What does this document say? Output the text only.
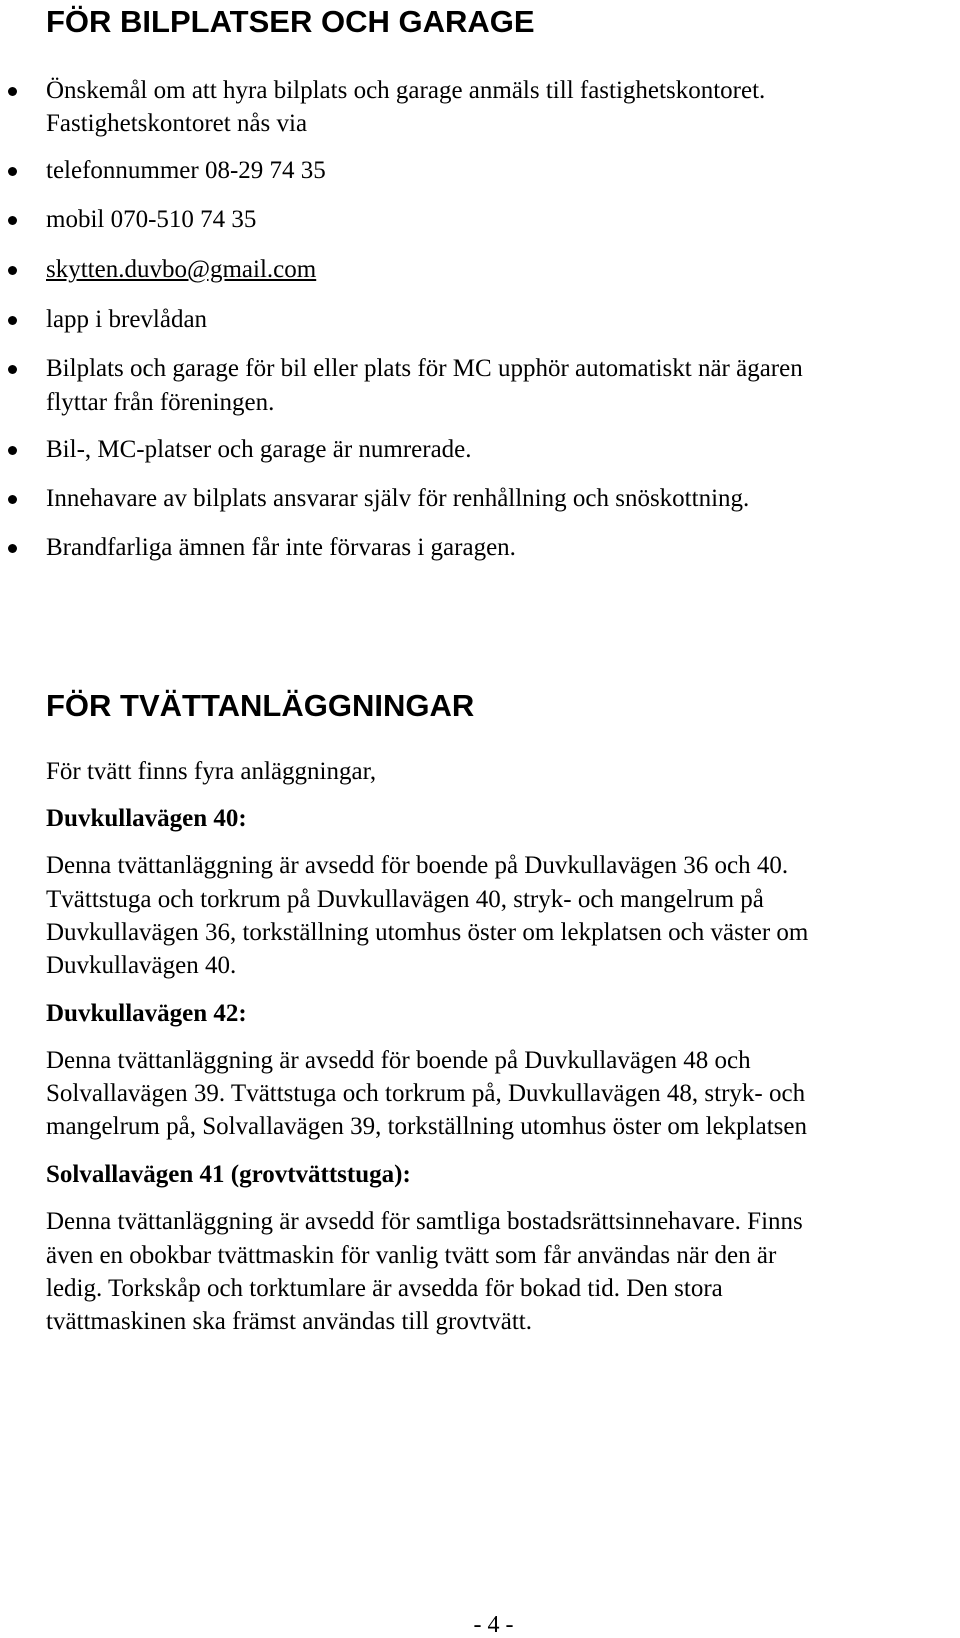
FÖR BILPLATSER OCH GARAGE
Önskemål om att hyra bilplats och garage anmäls till fastighetskontoret.
Fastighetskontoret nås via
telefonnummer 08-29 74 35
mobil 070-510 74 35
skytten.duvbo@gmail.com
lapp i brevlådan
Bilplats och garage för bil eller plats för MC upphör automatiskt när ägaren
flyttar från föreningen.
Bil-, MC-platser och garage är numrerade.
Innehavare av bilplats ansvarar själv för renhållning och snöskottning.
Brandfarliga ämnen får inte förvaras i garagen.
FÖR TVÄTTANLÄGGNINGAR
För tvätt finns fyra anläggningar,
Duvkullavägen 40:
Denna tvättanläggning är avsedd för boende på Duvkullavägen 36 och 40.
Tvättstuga och torkrum på Duvkullavägen 40, stryk- och mangelrum på
Duvkullavägen 36, torkställning utomhus öster om lekplatsen och väster om
Duvkullavägen 40.
Duvkullavägen 42:
Denna tvättanläggning är avsedd för boende på Duvkullavägen 48 och
Solvallavägen 39. Tvättstuga och torkrum på, Duvkullavägen 48, stryk- och
mangelrum på, Solvallavägen 39, torkställning utomhus öster om lekplatsen
Solvallavägen 41 (grovtvättstuga):
Denna tvättanläggning är avsedd för samtliga bostadsrättsinnehavare. Finns
även en obokbar tvättmaskin för vanlig tvätt som får användas när den är
ledig. Torkskåp och torktumlare är avsedda för bokad tid. Den stora
tvättmaskinen ska främst användas till grovtvätt.
- 4 -
